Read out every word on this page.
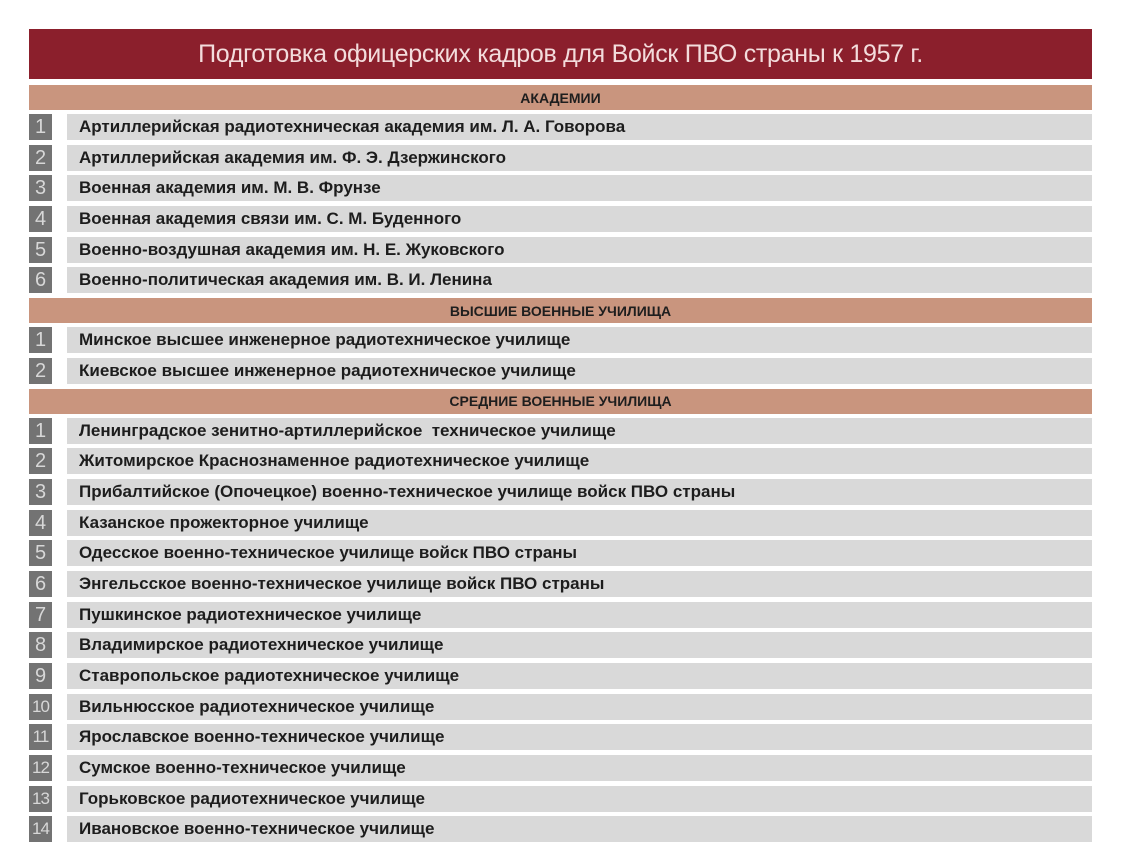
Подготовка офицерских кадров для Войск ПВО страны к 1957 г.
АКАДЕМИИ
1	Артиллерийская радиотехническая академия им. Л. А. Говорова
2	Артиллерийская академия им. Ф. Э. Дзержинского
3	Военная академия им. М. В. Фрунзе
4	Военная академия связи им. С. М. Буденного
5	Военно-воздушная академия им. Н. Е. Жуковского
6	Военно-политическая академия им. В. И. Ленина
ВЫСШИЕ ВОЕННЫЕ УЧИЛИЩА
1	Минское высшее инженерное радиотехническое училище
2	Киевское высшее инженерное радиотехническое училище
СРЕДНИЕ ВОЕННЫЕ УЧИЛИЩА
1	Ленинградское зенитно-артиллерийское  техническое училище
2	Житомирское Краснознаменное радиотехническое училище
3	Прибалтийское (Опочецкое) военно-техническое училище войск ПВО страны
4	Казанское прожекторное училище
5	Одесское военно-техническое училище войск ПВО страны
6	Энгельсское военно-техническое училище войск ПВО страны
7	Пушкинское радиотехническое училище
8	Владимирское радиотехническое училище
9	Ставропольское радиотехническое училище
10	Вильнюсское радиотехническое училище
11	Ярославское военно-техническое училище
12	Сумское военно-техническое училище
13	Горьковское радиотехническое училище
14	Ивановское военно-техническое училище
